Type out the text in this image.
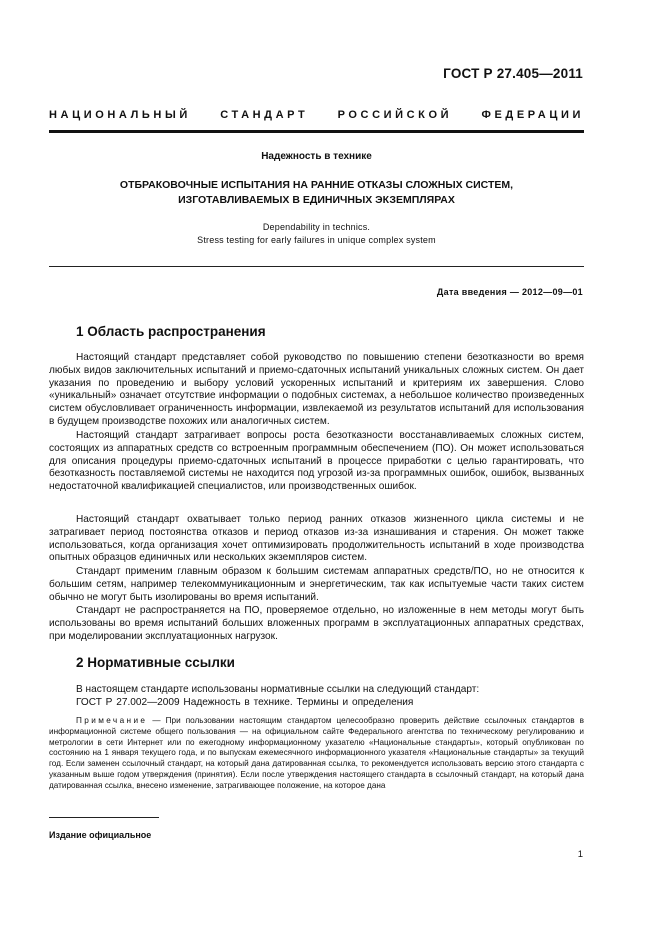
ГОСТ Р 27.405—2011
НАЦИОНАЛЬНЫЙ	СТАНДАРТ	РОССИЙСКОЙ	ФЕДЕРАЦИИ
Надежность в технике
ОТБРАКОВОЧНЫЕ ИСПЫТАНИЯ НА РАННИЕ ОТКАЗЫ СЛОЖНЫХ СИСТЕМ,
ИЗГОТАВЛИВАЕМЫХ В ЕДИНИЧНЫХ ЭКЗЕМПЛЯРАХ
Dependability in technics.
Stress testing for early failures in unique complex system
Дата введения — 2012—09—01
1 Область распространения
Настоящий стандарт представляет собой руководство по повышению степени безотказности во время любых видов заключительных испытаний и приемо-сдаточных испытаний уникальных сложных систем. Он дает указания по проведению и выбору условий ускоренных испытаний и критериям их завершения. Слово «уникальный» означает отсутствие информации о подобных системах, а небольшое количество произведенных систем обусловливает ограниченность информации, извлекаемой из результатов испытаний для использования в будущем производстве похожих или аналогичных систем.
Настоящий стандарт затрагивает вопросы роста безотказности восстанавливаемых сложных систем, состоящих из аппаратных средств со встроенным программным обеспечением (ПО). Он может использоваться для описания процедуры приемо-сдаточных испытаний в процессе приработки с целью гарантировать, что безотказность поставляемой системы не находится под угрозой из-за программных ошибок, ошибок, вызванных недостаточной квалификацией специалистов, или производственных ошибок.
Настоящий стандарт охватывает только период ранних отказов жизненного цикла системы и не затрагивает период постоянства отказов и период отказов из-за изнашивания и старения. Он может также использоваться, когда организация хочет оптимизировать продолжительность испытаний в ходе производства опытных образцов единичных или нескольких экземпляров систем.
Стандарт применим главным образом к большим системам аппаратных средств/ПО, но не относится к большим сетям, например телекоммуникационным и энергетическим, так как испытуемые части таких систем обычно не могут быть изолированы во время испытаний.
Стандарт не распространяется на ПО, проверяемое отдельно, но изложенные в нем методы могут быть использованы во время испытаний больших вложенных программ в эксплуатационных аппаратных средствах, при моделировании эксплуатационных нагрузок.
2 Нормативные ссылки
В настоящем стандарте использованы нормативные ссылки на следующий стандарт:
ГОСТ Р 27.002—2009 Надежность в технике. Термины и определения
Примечание — При пользовании настоящим стандартом целесообразно проверить действие ссылочных стандартов в информационной системе общего пользования — на официальном сайте Федерального агентства по техническому регулированию и метрологии в сети Интернет или по ежегодному информационному указателю «Национальные стандарты», который опубликован по состоянию на 1 января текущего года, и по выпускам ежемесячного информационного указателя «Национальные стандарты» за текущий год. Если заменен ссылочный стандарт, на который дана датированная ссылка, то рекомендуется использовать версию этого стандарта с указанным выше годом утверждения (принятия). Если после утверждения настоящего стандарта в ссылочный стандарт, на который дана датированная ссылка, внесено изменение, затрагивающее положение, на которое дана
Издание официальное
1
